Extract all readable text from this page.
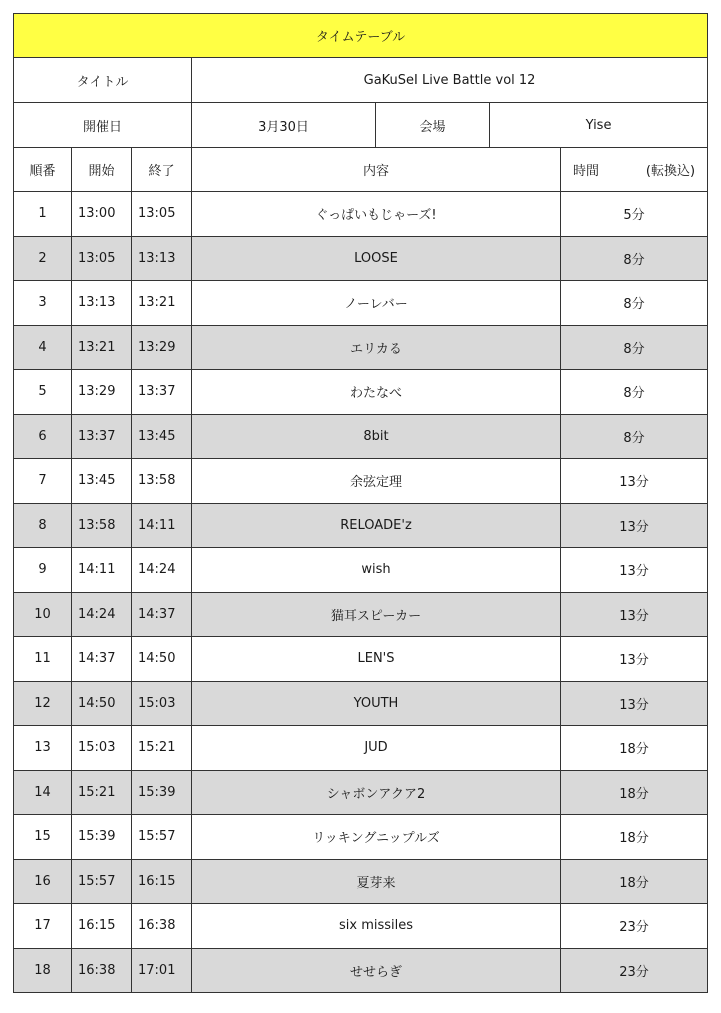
タイムテーブル						
タイトル			GaKuSeI Live Battle vol 12			
開催日			3月30日	会場	Yise	
順番	開始	終了	内容			時間 (転換込)

1	13:00	13:05	ぐっぱいもじゃーズ!			5分
2	13:05	13:13	LOOSE			8分
3	13:13	13:21	ノーレバー			8分
4	13:21	13:29	エリカる			8分
5	13:29	13:37	わたなべ			8分
6	13:37	13:45	8bit			8分
7	13:45	13:58	余弦定理			13分
8	13:58	14:11	RELOADE'z			13分
9	14:11	14:24	wish			13分
10	14:24	14:37	猫耳スピーカー			13分
11	14:37	14:50	LEN'S			13分
12	14:50	15:03	YOUTH			13分
13	15:03	15:21	JUD			18分
14	15:21	15:39	シャボンアクア2			18分
15	15:39	15:57	リッキングニップルズ			18分
16	15:57	16:15	夏芽来			18分
17	16:15	16:38	six missiles			23分
18	16:38	17:01	せせらぎ			23分
